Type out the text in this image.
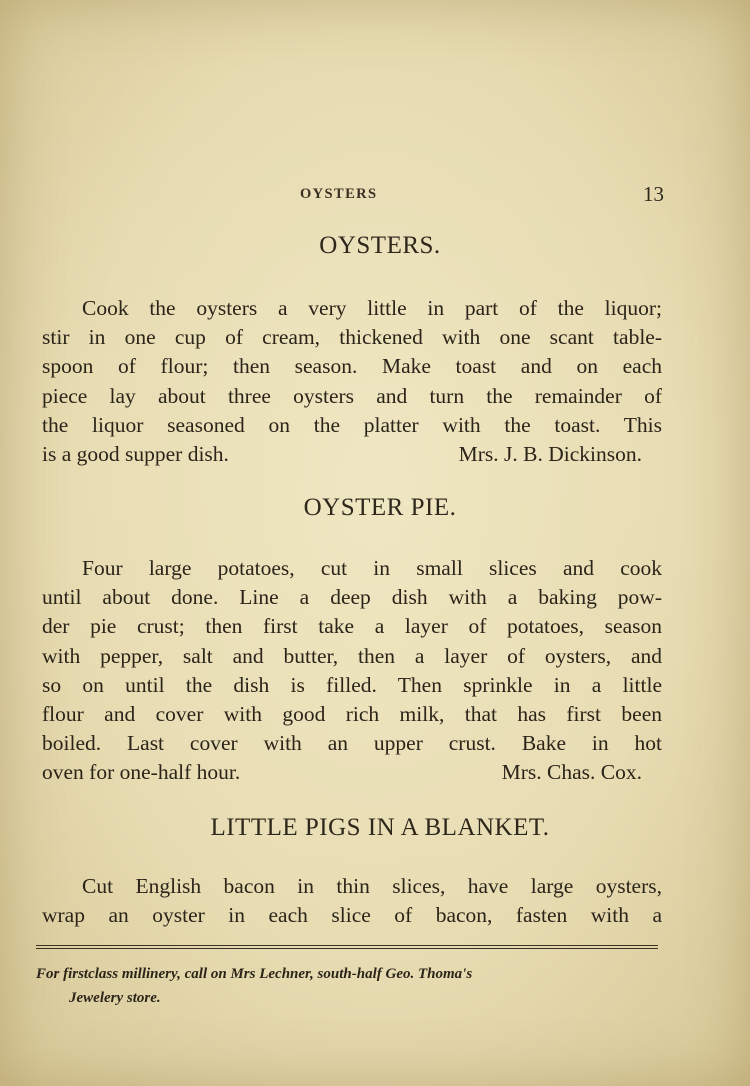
OYSTERS	13
OYSTERS.
Cook the oysters a very little in part of the liquor;
stir in one cup of cream, thickened with one scant table-
spoon of flour; then season. Make toast and on each
piece lay about three oysters and turn the remainder of
the liquor seasoned on the platter with the toast. This
is a good supper dish.	Mrs. J. B. Dickinson.
OYSTER PIE.
Four large potatoes, cut in small slices and cook
until about done. Line a deep dish with a baking pow-
der pie crust; then first take a layer of potatoes, season
with pepper, salt and butter, then a layer of oysters, and
so on until the dish is filled. Then sprinkle in a little
flour and cover with good rich milk, that has first been
boiled. Last cover with an upper crust. Bake in hot
oven for one-half hour.	Mrs. Chas. Cox.
LITTLE PIGS IN A BLANKET.
Cut English bacon in thin slices, have large oysters,
wrap an oyster in each slice of bacon, fasten with a
For firstclass millinery, call on Mrs Lechner, south-half Geo. Thoma's
Jewelery store.
